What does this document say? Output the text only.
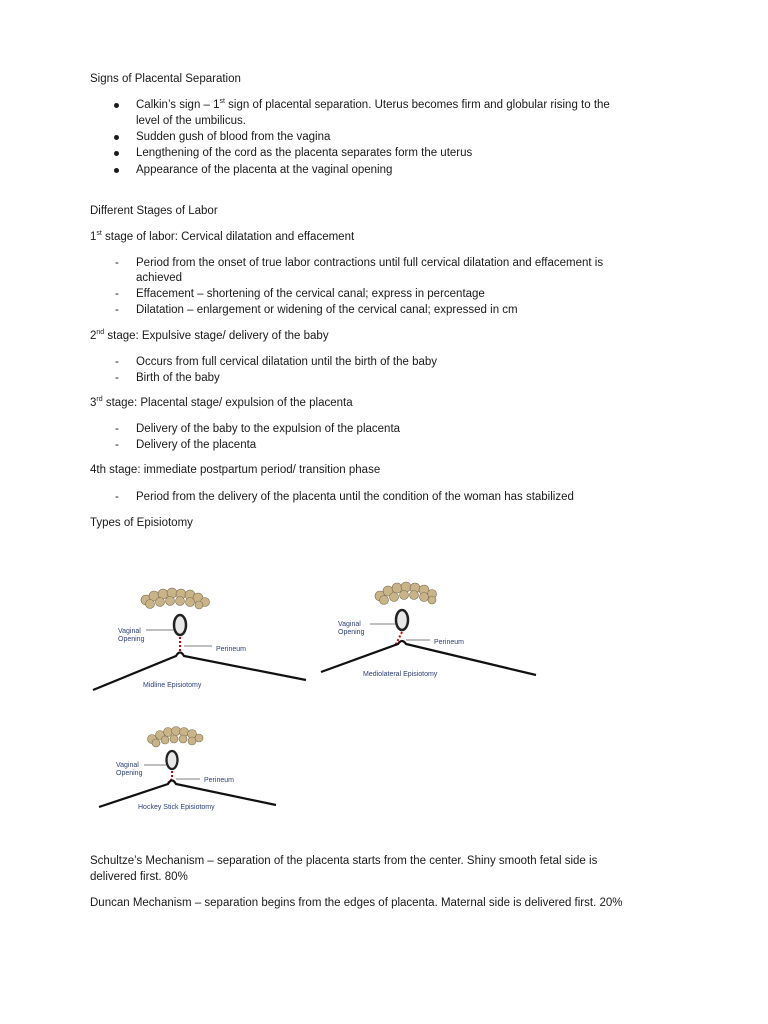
Signs of Placental Separation
Calkin’s sign – 1st sign of placental separation. Uterus becomes firm and globular rising to the
level of the umbilicus.
Sudden gush of blood from the vagina
Lengthening of the cord as the placenta separates form the uterus
Appearance of the placenta at the vaginal opening
Different Stages of Labor
1st stage of labor: Cervical dilatation and effacement
- Period from the onset of true labor contractions until full cervical dilatation and effacement is
achieved
- Effacement – shortening of the cervical canal; express in percentage
- Dilatation – enlargement or widening of the cervical canal; expressed in cm
2nd stage: Expulsive stage/ delivery of the baby
- Occurs from full cervical dilatation until the birth of the baby
- Birth of the baby
3rd stage: Placental stage/ expulsion of the placenta
- Delivery of the baby to the expulsion of the placenta
- Delivery of the placenta
4th stage: immediate postpartum period/ transition phase
- Period from the delivery of the placenta until the condition of the woman has stabilized
Types of Episiotomy
Vaginal
Opening
Perineum
Midline Episiotomy
Vaginal
Opening
Perineum
Mediolateral Episiotomy
Vaginal
Opening
Perineum
Hockey Stick Episiotomy
Schultze’s Mechanism – separation of the placenta starts from the center. Shiny smooth fetal side is
delivered first. 80%
Duncan Mechanism – separation begins from the edges of placenta. Maternal side is delivered first. 20%
